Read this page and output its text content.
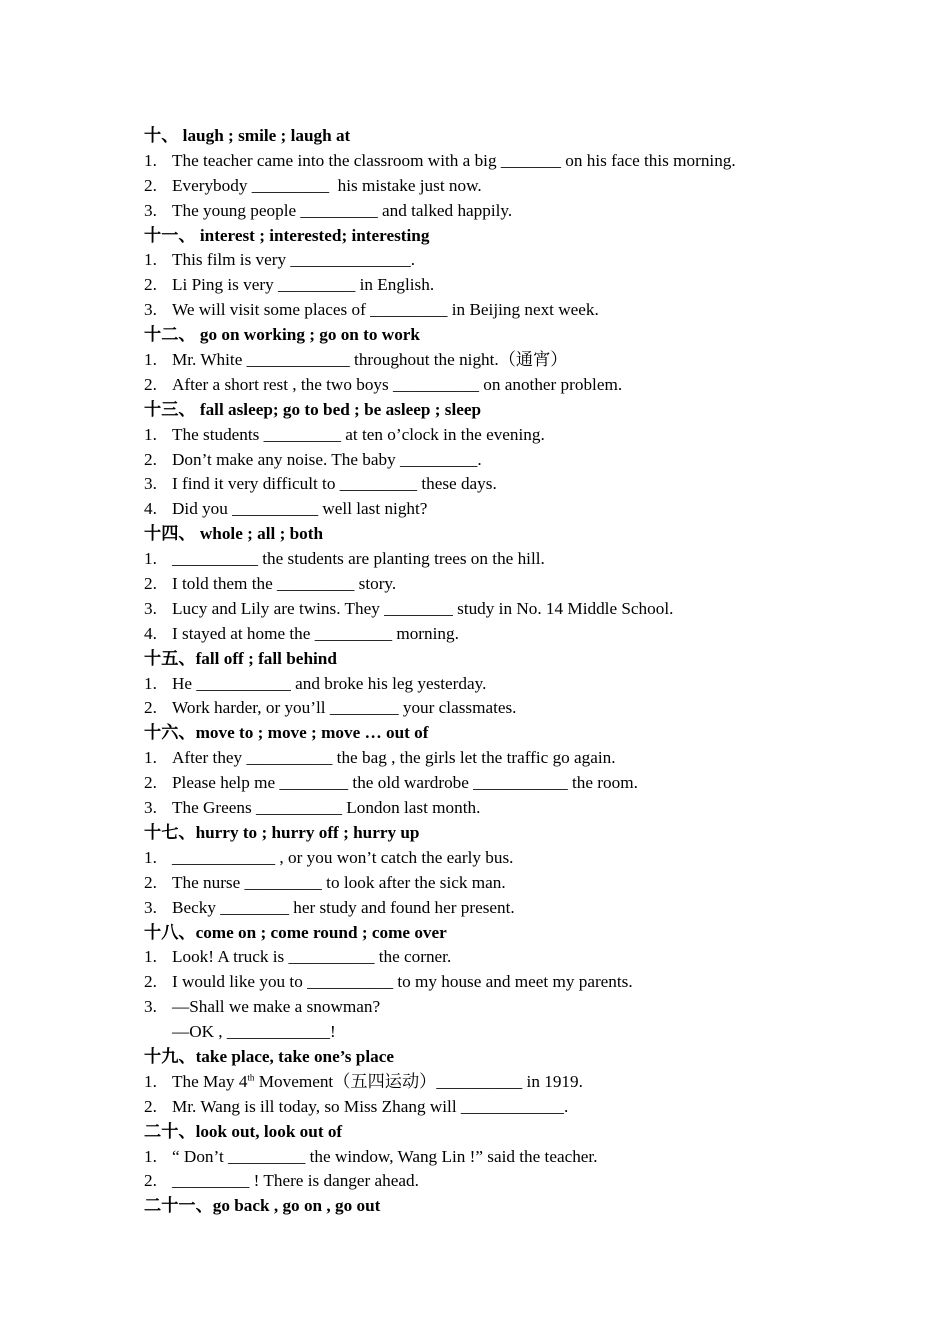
十、 laugh ; smile ; laugh at
1. The teacher came into the classroom with a big _______ on his face this morning.
2. Everybody _________  his mistake just now.
3. The young people _________ and talked happily.
十一、 interest ; interested; interesting
1. This film is very ______________.
2. Li Ping is very _________ in English.
3. We will visit some places of _________ in Beijing next week.
十二、 go on working ; go on to work
1. Mr. White ____________ throughout the night.（通宵）
2. After a short rest , the two boys __________ on another problem.
十三、 fall asleep; go to bed ; be asleep ; sleep
1. The students _________ at ten o’clock in the evening.
2. Don’t make any noise. The baby _________.
3. I find it very difficult to _________ these days.
4. Did you __________ well last night?
十四、 whole ; all ; both
1. __________ the students are planting trees on the hill.
2. I told them the _________ story.
3. Lucy and Lily are twins. They ________ study in No. 14 Middle School.
4. I stayed at home the _________ morning.
十五、fall off ; fall behind
1. He ___________ and broke his leg yesterday.
2. Work harder, or you’ll ________ your classmates.
十六、move to ; move ; move … out of
1. After they __________ the bag , the girls let the traffic go again.
2. Please help me ________ the old wardrobe ___________ the room.
3. The Greens __________ London last month.
十七、hurry to ; hurry off ; hurry up
1. ____________ , or you won’t catch the early bus.
2. The nurse _________ to look after the sick man.
3. Becky ________ her study and found her present.
十八、come on ; come round ; come over
1. Look! A truck is __________ the corner.
2. I would like you to __________ to my house and meet my parents.
3. —Shall we make a snowman?
—OK , ____________!
十九、take place, take one’s place
1. The May 4th Movement（五四运动）__________ in 1919.
2. Mr. Wang is ill today, so Miss Zhang will ____________.
二十、look out, look out of
1. “ Don’t _________ the window, Wang Lin !” said the teacher.
2. _________ ! There is danger ahead.
二十一、go back , go on , go out
